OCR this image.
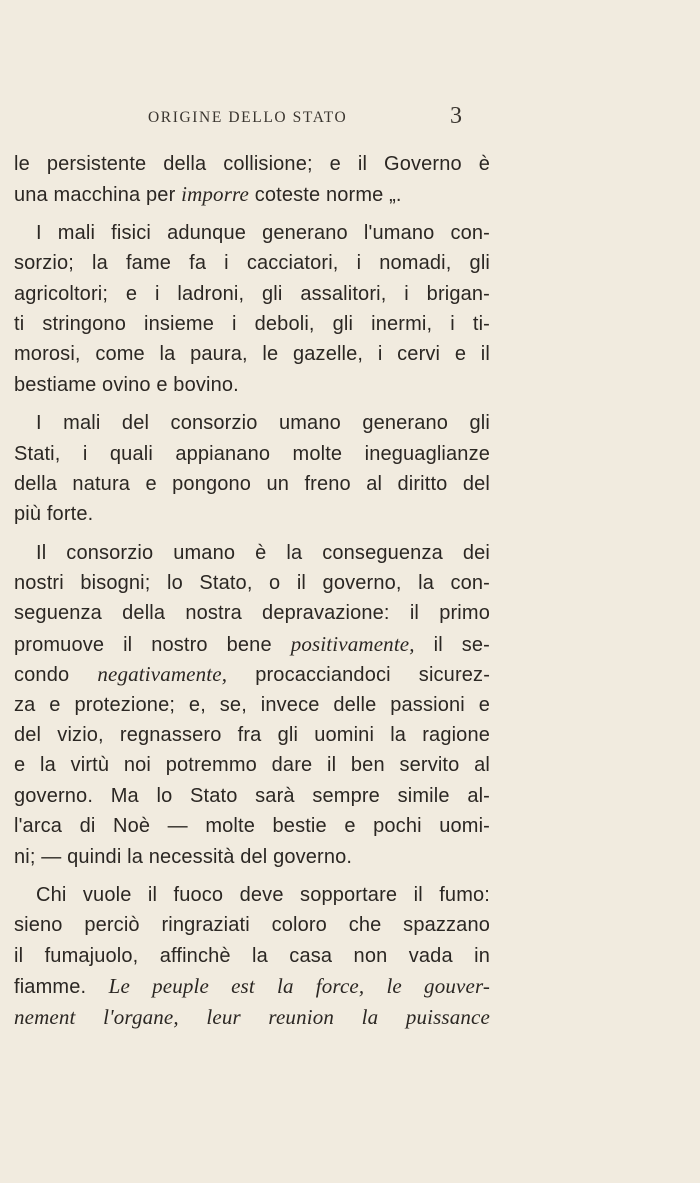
ORIGINE DELLO STATO	3
le persistente della collisione; e il Governo è
una macchina per imporre coteste norme „.
I mali fisici adunque generano l'umano con-
sorzio; la fame fa i cacciatori, i nomadi, gli
agricoltori; e i ladroni, gli assalitori, i brigan-
ti stringono insieme i deboli, gli inermi, i ti-
morosi, come la paura, le gazelle, i cervi e il
bestiame ovino e bovino.
I mali del consorzio umano generano gli
Stati, i quali appianano molte ineguaglianze
della natura e pongono un freno al diritto del
più forte.
Il consorzio umano è la conseguenza dei
nostri bisogni; lo Stato, o il governo, la con-
seguenza della nostra depravazione: il primo
promuove il nostro bene positivamente, il se-
condo negativamente, procacciandoci sicurez-
za e protezione; e, se, invece delle passioni e
del vizio, regnassero fra gli uomini la ragione
e la virtù noi potremmo dare il ben servito al
governo. Ma lo Stato sarà sempre simile al-
l'arca di Noè — molte bestie e pochi uomi-
ni; — quindi la necessità del governo.
Chi vuole il fuoco deve sopportare il fumo:
sieno perciò ringraziati coloro che spazzano
il fumajuolo, affinchè la casa non vada in
fiamme. Le peuple est la force, le gouver-
nement l'organe, leur reunion la puissance
